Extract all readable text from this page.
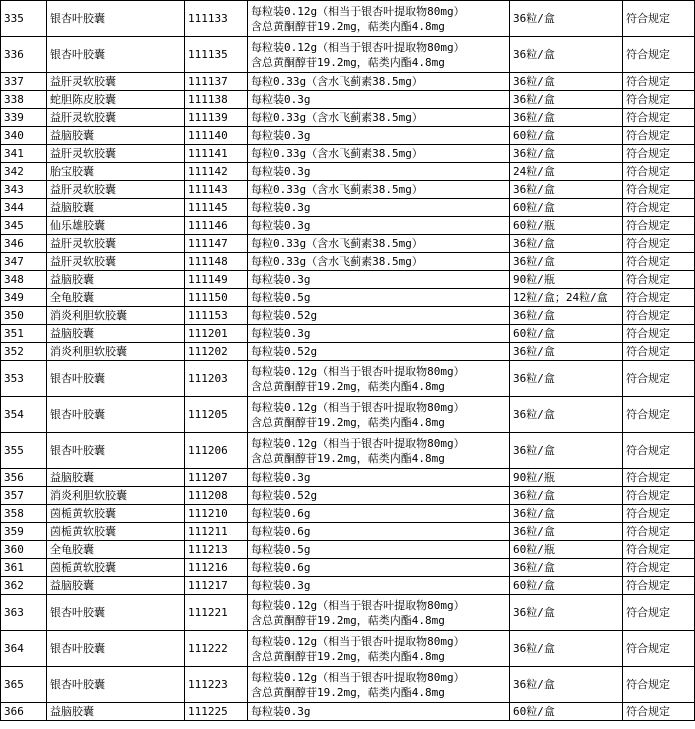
335	银杏叶胶囊	111133	每粒装0.12g（相当于银杏叶提取物80mg）
含总黄酮醇苷19.2mg，萜类内酯4.8mg	36粒/盒	符合规定
336	银杏叶胶囊	111135	每粒装0.12g（相当于银杏叶提取物80mg）
含总黄酮醇苷19.2mg，萜类内酯4.8mg	36粒/盒	符合规定
337	益肝灵软胶囊	111137	每粒0.33g（含水飞蓟素38.5mg）	36粒/盒	符合规定
338	蛇胆陈皮胶囊	111138	每粒装0.3g	36粒/盒	符合规定
339	益肝灵软胶囊	111139	每粒0.33g（含水飞蓟素38.5mg）	36粒/盒	符合规定
340	益脑胶囊	111140	每粒装0.3g	60粒/盒	符合规定
341	益肝灵软胶囊	111141	每粒0.33g（含水飞蓟素38.5mg）	36粒/盒	符合规定
342	胎宝胶囊	111142	每粒装0.3g	24粒/盒	符合规定
343	益肝灵软胶囊	111143	每粒0.33g（含水飞蓟素38.5mg）	36粒/盒	符合规定
344	益脑胶囊	111145	每粒装0.3g	60粒/盒	符合规定
345	仙乐雄胶囊	111146	每粒装0.3g	60粒/瓶	符合规定
346	益肝灵软胶囊	111147	每粒0.33g（含水飞蓟素38.5mg）	36粒/盒	符合规定
347	益肝灵软胶囊	111148	每粒0.33g（含水飞蓟素38.5mg）	36粒/盒	符合规定
348	益脑胶囊	111149	每粒装0.3g	90粒/瓶	符合规定
349	全龟胶囊	111150	每粒装0.5g	12粒/盒；24粒/盒	符合规定
350	消炎利胆软胶囊	111153	每粒装0.52g	36粒/盒	符合规定
351	益脑胶囊	111201	每粒装0.3g	60粒/盒	符合规定
352	消炎利胆软胶囊	111202	每粒装0.52g	36粒/盒	符合规定
353	银杏叶胶囊	111203	每粒装0.12g（相当于银杏叶提取物80mg）
含总黄酮醇苷19.2mg，萜类内酯4.8mg	36粒/盒	符合规定
354	银杏叶胶囊	111205	每粒装0.12g（相当于银杏叶提取物80mg）
含总黄酮醇苷19.2mg，萜类内酯4.8mg	36粒/盒	符合规定
355	银杏叶胶囊	111206	每粒装0.12g（相当于银杏叶提取物80mg）
含总黄酮醇苷19.2mg，萜类内酯4.8mg	36粒/盒	符合规定
356	益脑胶囊	111207	每粒装0.3g	90粒/瓶	符合规定
357	消炎利胆软胶囊	111208	每粒装0.52g	36粒/盒	符合规定
358	茵栀黄软胶囊	111210	每粒装0.6g	36粒/盒	符合规定
359	茵栀黄软胶囊	111211	每粒装0.6g	36粒/盒	符合规定
360	全龟胶囊	111213	每粒装0.5g	60粒/瓶	符合规定
361	茵栀黄软胶囊	111216	每粒装0.6g	36粒/盒	符合规定
362	益脑胶囊	111217	每粒装0.3g	60粒/盒	符合规定
363	银杏叶胶囊	111221	每粒装0.12g（相当于银杏叶提取物80mg）
含总黄酮醇苷19.2mg，萜类内酯4.8mg	36粒/盒	符合规定
364	银杏叶胶囊	111222	每粒装0.12g（相当于银杏叶提取物80mg）
含总黄酮醇苷19.2mg，萜类内酯4.8mg	36粒/盒	符合规定
365	银杏叶胶囊	111223	每粒装0.12g（相当于银杏叶提取物80mg）
含总黄酮醇苷19.2mg，萜类内酯4.8mg	36粒/盒	符合规定
366	益脑胶囊	111225	每粒装0.3g	60粒/盒	符合规定
